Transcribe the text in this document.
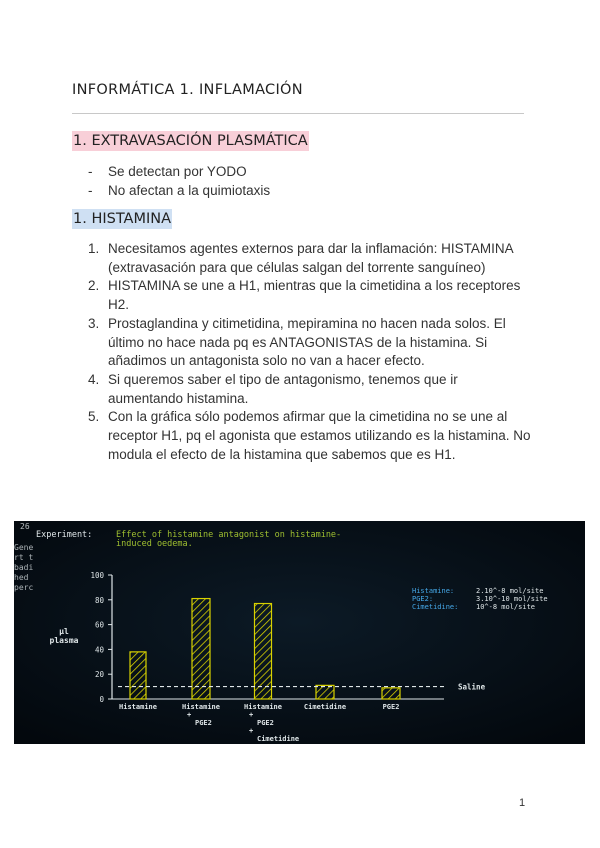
INFORMÁTICA 1. INFLAMACIÓN
1. EXTRAVASACIÓN PLASMÁTICA
- Se detectan por YODO
- No afectan a la quimiotaxis
1. HISTAMINA
1. Necesitamos agentes externos para dar la inflamación: HISTAMINA (extravasación para que células salgan del torrente sanguíneo)
2. HISTAMINA se une a H1, mientras que la cimetidina a los receptores H2.
3. Prostaglandina y citimetidina, mepiramina no hacen nada solos. El último no hace nada pq es ANTAGONISTAS de la histamina. Si añadimos un antagonista solo no van a hacer efecto.
4. Si queremos saber el tipo de antagonismo, tenemos que ir aumentando histamina.
5. Con la gráfica sólo podemos afirmar que la cimetidina no se une al receptor H1, pq el agonista que estamos utilizando es la histamina. No modula el efecto de la histamina que sabemos que es H1.
26
Gene
rt t
badi
hed
perc
Experiment:	Effect of histamine antagonist on histamine-
induced oedema.
0
20
40
60
80
100
µl
plasma
Histamine	Histamine
+
PGE2
Histamine
+
PGE2
+
Cimetidine
Cimetidine	PGE2
Saline
Histamine:	2.10^-8 mol/site
PGE2:	3.10^-10 mol/site
Cimetidine:	10^-8 mol/site
1
